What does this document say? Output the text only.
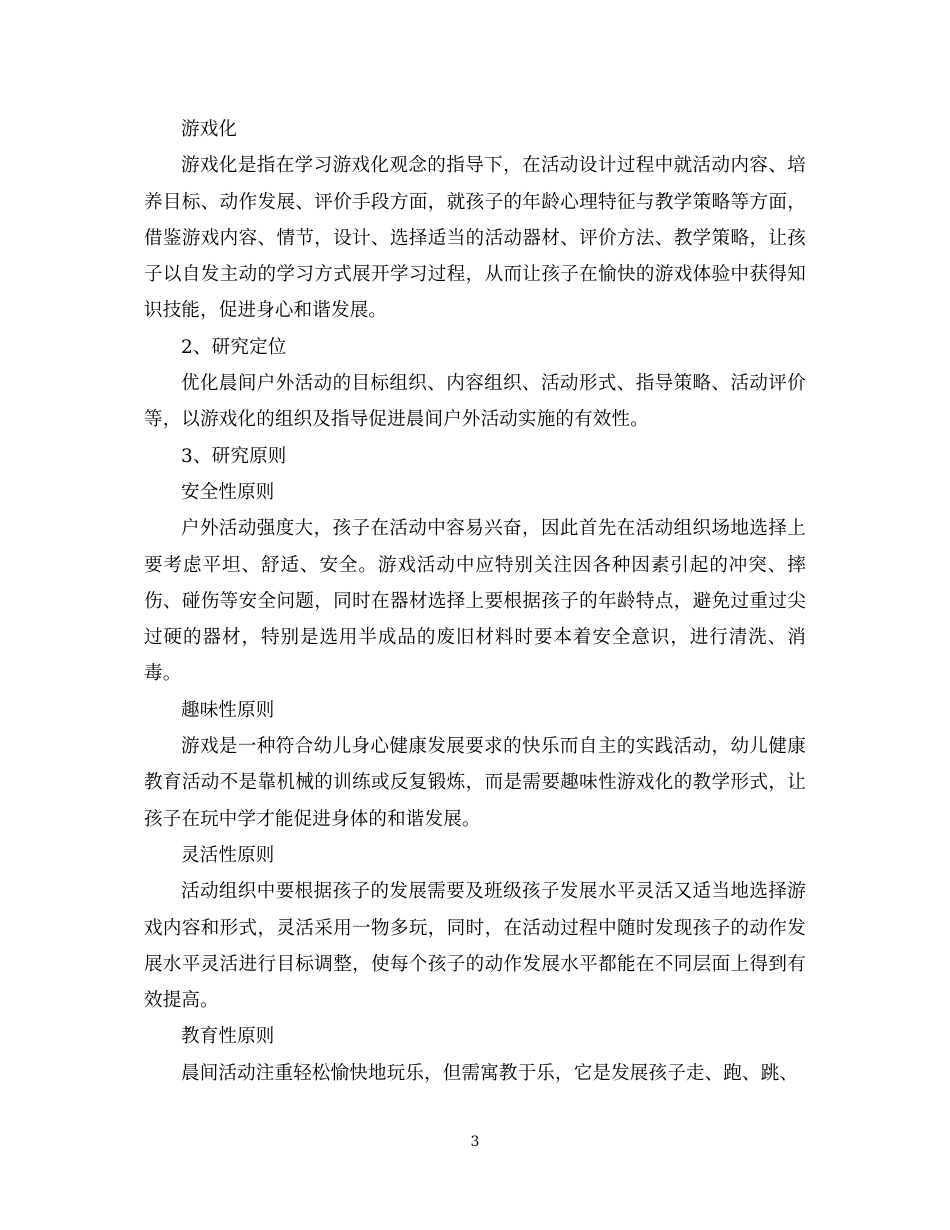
游戏化

游戏化是指在学习游戏化观念的指导下，在活动设计过程中就活动内容、培养目标、动作发展、评价手段方面，就孩子的年龄心理特征与教学策略等方面，借鉴游戏内容、情节，设计、选择适当的活动器材、评价方法、教学策略，让孩子以自发主动的学习方式展开学习过程，从而让孩子在愉快的游戏体验中获得知识技能，促进身心和谐发展。

2、研究定位

优化晨间户外活动的目标组织、内容组织、活动形式、指导策略、活动评价等，以游戏化的组织及指导促进晨间户外活动实施的有效性。

3、研究原则

安全性原则

户外活动强度大，孩子在活动中容易兴奋，因此首先在活动组织场地选择上要考虑平坦、舒适、安全。游戏活动中应特别关注因各种因素引起的冲突、摔伤、碰伤等安全问题，同时在器材选择上要根据孩子的年龄特点，避免过重过尖过硬的器材，特别是选用半成品的废旧材料时要本着安全意识，进行清洗、消毒。

趣味性原则

游戏是一种符合幼儿身心健康发展要求的快乐而自主的实践活动，幼儿健康教育活动不是靠机械的训练或反复锻炼，而是需要趣味性游戏化的教学形式，让孩子在玩中学才能促进身体的和谐发展。

灵活性原则

活动组织中要根据孩子的发展需要及班级孩子发展水平灵活又适当地选择游戏内容和形式，灵活采用一物多玩，同时，在活动过程中随时发现孩子的动作发展水平灵活进行目标调整，使每个孩子的动作发展水平都能在不同层面上得到有效提高。

教育性原则

晨间活动注重轻松愉快地玩乐，但需寓教于乐，它是发展孩子走、跑、跳、

3
